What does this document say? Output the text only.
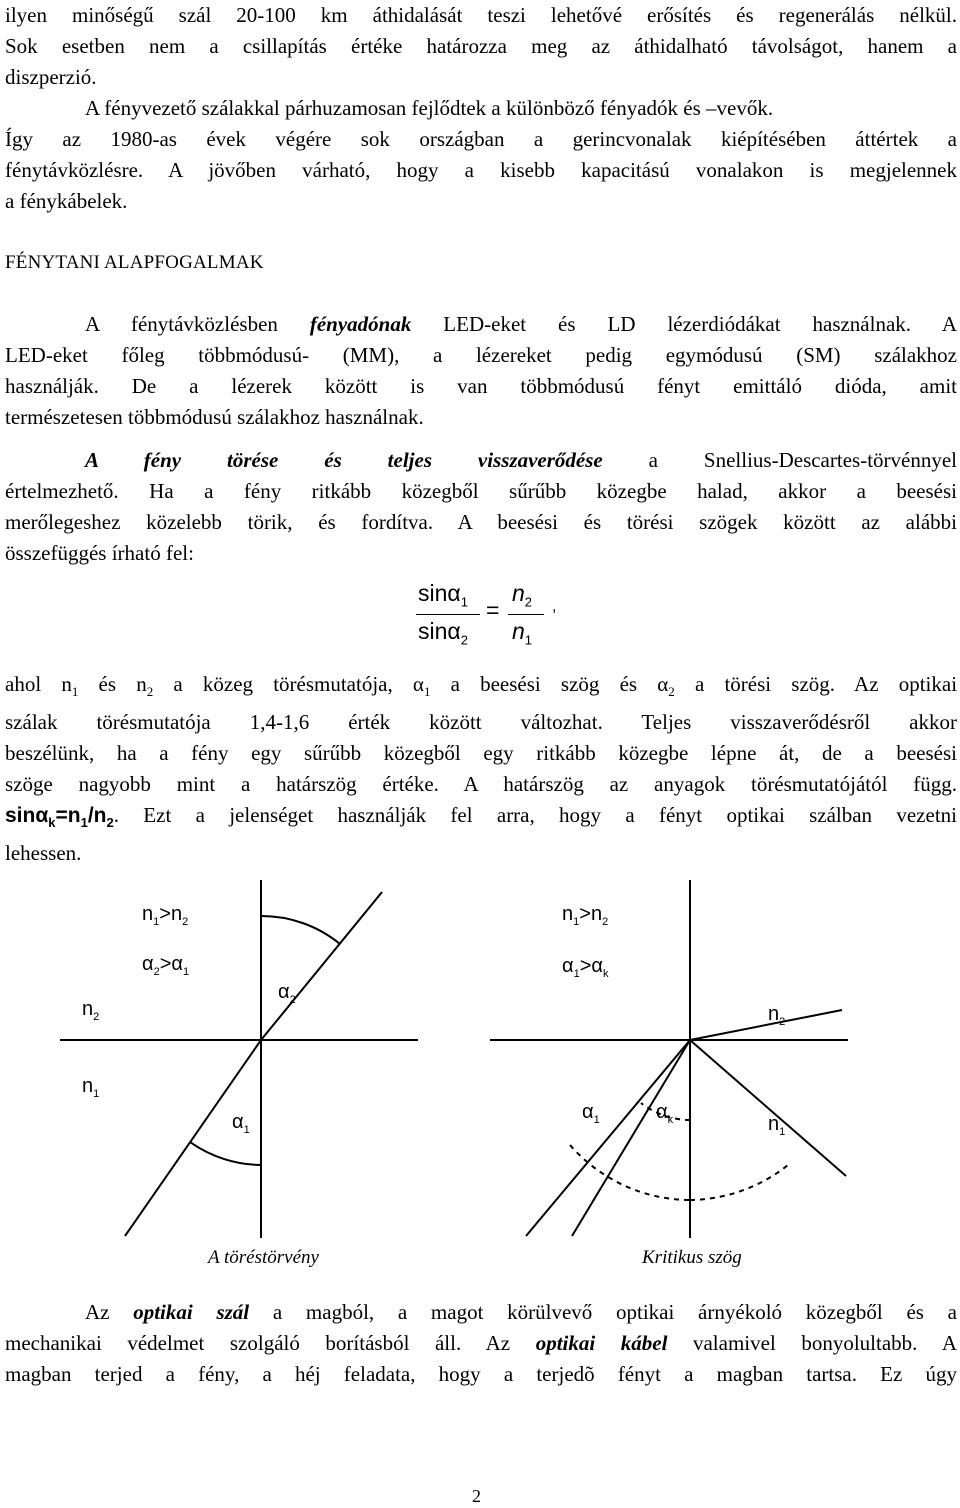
ilyen minőségű szál 20-100 km áthidalását teszi lehetővé erősítés és regenerálás nélkül.
Sok esetben nem a csillapítás értéke határozza meg az áthidalható távolságot, hanem a
diszperzió.
A fényvezető szálakkal párhuzamosan fejlődtek a különböző fényadók és –vevők.
Így az 1980-as évek végére sok országban a gerincvonalak kiépítésében áttértek a
fénytávközlésre. A jövőben várható, hogy a kisebb kapacitású vonalakon is megjelennek
a fénykábelek.
FÉNYTANI ALAPFOGALMAK
A fénytávközlésben fényadónak LED-eket és LD lézerdiódákat használnak. A
LED-eket főleg többmódusú- (MM), a lézereket pedig egymódusú (SM) szálakhoz
használják. De a lézerek között is van többmódusú fényt emittáló dióda, amit
természetesen többmódusú szálakhoz használnak.
A fény törése és teljes visszaverődése a Snellius-Descartes-törvénnyel
értelmezhető. Ha a fény ritkább közegből sűrűbb közegbe halad, akkor a beesési
merőlegeshez közelebb törik, és fordítva. A beesési és törési szögek között az alábbi
összefüggés írható fel:
sinα$_1$
sinα$_2$
=
$n_2$
$n_1$
,
ahol $n_1$ és $n_2$ a közeg törésmutatója, $\alpha_1$ a beesési szög és $\alpha_2$ a törési szög. Az optikai
szálak törésmutatója 1,4-1,6 érték között változhat. Teljes visszaverődésről akkor
beszélünk, ha a fény egy sűrűbb közegből egy ritkább közegbe lépne át, de a beesési
szöge nagyobb mint a határszög értéke. A határszög az anyagok törésmutatójától függ.
$\sin\alpha_k=n_1/n_2$. Ezt a jelenséget használják fel arra, hogy a fényt optikai szálban vezetni
lehessen.
$n_1>n_2$
$\alpha_2>\alpha_1$
$\alpha_2$
$n_2$
$n_1$
$\alpha_1$
A töréstörvény
$n_1>n_2$
$\alpha_1>\alpha_k$
$n_2$
$\alpha_1$	$\alpha_k$	$n_1$
Kritikus szög
Az optikai szál a magból, a magot körülvevő optikai árnyékoló közegből és a
mechanikai védelmet szolgáló borításból áll. Az optikai kábel valamivel bonyolultabb. A
magban terjed a fény, a héj feladata, hogy a terjedõ fényt a magban tartsa. Ez úgy
2
